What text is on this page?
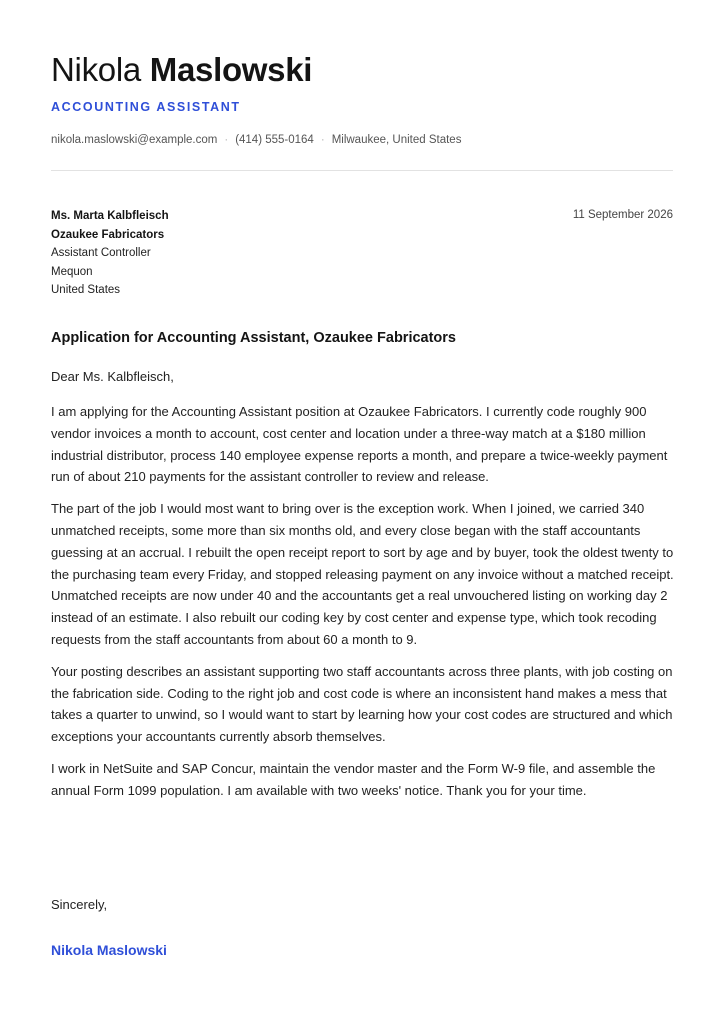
Nikola Maslowski
ACCOUNTING ASSISTANT
nikola.maslowski@example.com · (414) 555-0164 · Milwaukee, United States
Ms. Marta Kalbfleisch
Ozaukee Fabricators
Assistant Controller
Mequon
United States
11 September 2026
Application for Accounting Assistant, Ozaukee Fabricators
Dear Ms. Kalbfleisch,

I am applying for the Accounting Assistant position at Ozaukee Fabricators. I currently code roughly 900 vendor invoices a month to account, cost center and location under a three-way match at a $180 million industrial distributor, process 140 employee expense reports a month, and prepare a twice-weekly payment run of about 210 payments for the assistant controller to review and release.

The part of the job I would most want to bring over is the exception work. When I joined, we carried 340 unmatched receipts, some more than six months old, and every close began with the staff accountants guessing at an accrual. I rebuilt the open receipt report to sort by age and by buyer, took the oldest twenty to the purchasing team every Friday, and stopped releasing payment on any invoice without a matched receipt. Unmatched receipts are now under 40 and the accountants get a real unvouchered listing on working day 2 instead of an estimate. I also rebuilt our coding key by cost center and expense type, which took recoding requests from the staff accountants from about 60 a month to 9.

Your posting describes an assistant supporting two staff accountants across three plants, with job costing on the fabrication side. Coding to the right job and cost code is where an inconsistent hand makes a mess that takes a quarter to unwind, so I would want to start by learning how your cost codes are structured and which exceptions your accountants currently absorb themselves.

I work in NetSuite and SAP Concur, maintain the vendor master and the Form W-9 file, and assemble the annual Form 1099 population. I am available with two weeks' notice. Thank you for your time.

Sincerely,
Nikola Maslowski
